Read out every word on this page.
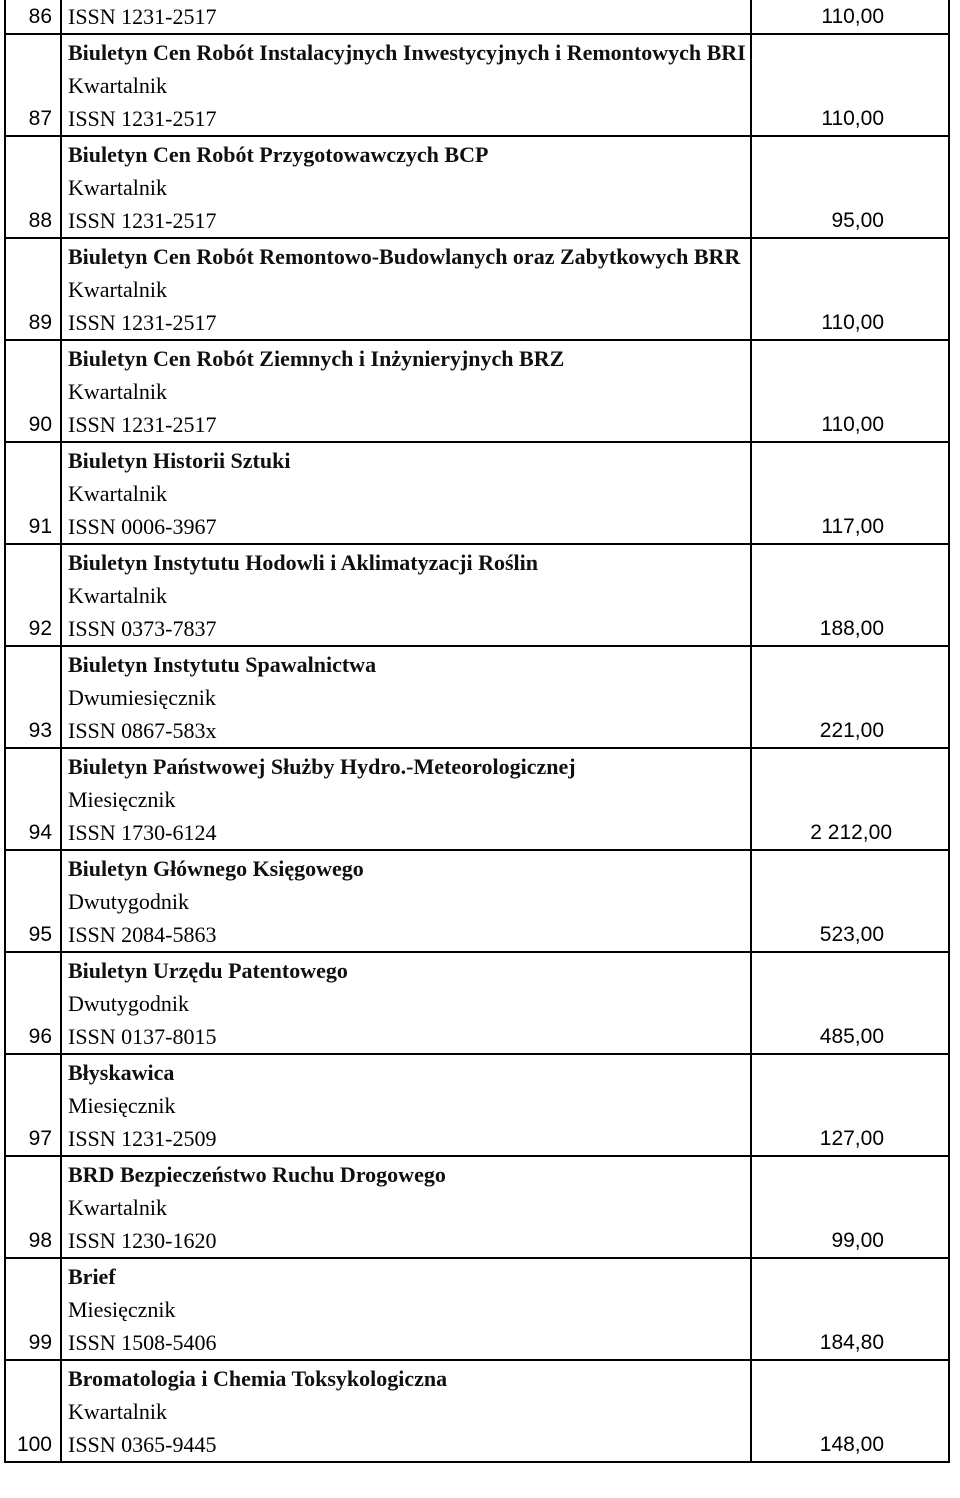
86	ISSN 1231-2517	110,00
87	Biuletyn Cen Robót Instalacyjnych Inwestycyjnych i Remontowych BRI
Kwartalnik
ISSN 1231-2517	110,00
88	Biuletyn Cen Robót Przygotowawczych BCP
Kwartalnik
ISSN 1231-2517	95,00
89	Biuletyn Cen Robót Remontowo-Budowlanych oraz Zabytkowych BRR
Kwartalnik
ISSN 1231-2517	110,00
90	Biuletyn Cen Robót Ziemnych i Inżynieryjnych BRZ
Kwartalnik
ISSN 1231-2517	110,00
91	Biuletyn Historii Sztuki
Kwartalnik
ISSN 0006-3967	117,00
92	Biuletyn Instytutu Hodowli i Aklimatyzacji Roślin
Kwartalnik
ISSN 0373-7837	188,00
93	Biuletyn Instytutu Spawalnictwa
Dwumiesięcznik
ISSN 0867-583x	221,00
94	Biuletyn Państwowej Służby Hydro.-Meteorologicznej
Miesięcznik
ISSN 1730-6124	2 212,00
95	Biuletyn Głównego Księgowego
Dwutygodnik
ISSN 2084-5863	523,00
96	Biuletyn Urzędu Patentowego
Dwutygodnik
ISSN 0137-8015	485,00
97	Błyskawica
Miesięcznik
ISSN 1231-2509	127,00
98	BRD Bezpieczeństwo Ruchu Drogowego
Kwartalnik
ISSN 1230-1620	99,00
99	Brief
Miesięcznik
ISSN 1508-5406	184,80
100	Bromatologia i Chemia Toksykologiczna
Kwartalnik
ISSN 0365-9445	148,00
